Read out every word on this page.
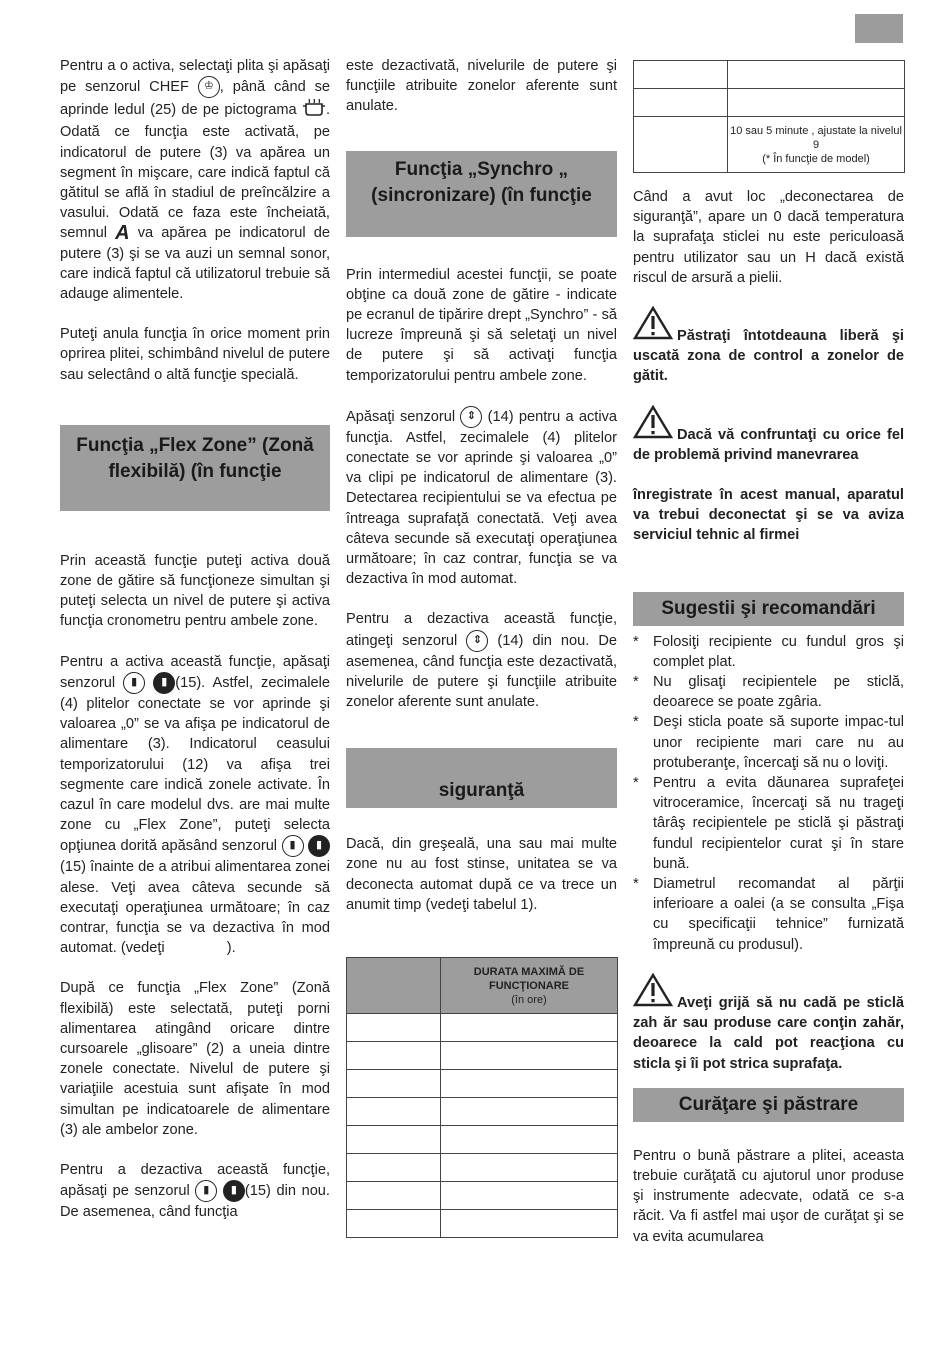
Pentru a o activa, selectaţi plita şi apăsaţi pe senzorul CHEF ♔ , până când se aprinde ledul (25) de pe pictograma . Odată ce funcţia este activată, pe indicatorul de putere (3) va apărea un segment în mişcare, care indică faptul că gătitul se află în stadiul de preîncălzire a vasului. Odată ce faza este încheiată, semnul A va apărea pe indicatorul de putere (3) şi se va auzi un semnal sonor, care indică faptul că utilizatorul trebuie să adauge alimentele.

Puteţi anula funcţia în orice moment prin oprirea plitei, schimbând nivelul de putere sau selectând o altă funcţie specială.

Funcţia „Flex Zone” (Zonă flexibilă) (în funcţie

Prin această funcţie puteţi activa două zone de gătire să funcţioneze simultan şi puteţi selecta un nivel de putere şi activa funcţia cronometru pentru ambele zone.

Pentru a activa această funcţie, apăsaţi senzorul ▮ ▮ (15). Astfel, zecimalele (4) plitelor conectate se vor aprinde şi valoarea „0” se va afişa pe indicatorul de alimentare (3). Indicatorul ceasului temporizatorului (12) va afişa trei segmente care indică zonele activate. În cazul în care modelul dvs. are mai multe zone cu „Flex Zone”, puteţi selecta opţiunea dorită apăsând senzorul ▮ ▮(15) înainte de a atribui alimentarea zonei alese. Veţi avea câteva secunde să executaţi operaţiunea următoare; în caz contrar, funcţia se va dezactiva în mod automat. (vedeţi	).

După ce funcţia „Flex Zone” (Zonă flexibilă) este selectată, puteţi porni alimentarea atingând oricare dintre cursoarele „glisoare” (2) a uneia dintre zonele conectate. Nivelul de putere şi variaţiile acestuia sunt afişate în mod simultan pe indicatoarele de alimentare (3) ale ambelor zone.

Pentru a dezactiva această funcţie, apăsaţi pe senzorul ▮ ▮ (15) din nou. De asemenea, când funcţia

este dezactivată, nivelurile de putere şi funcţiile atribuite zonelor aferente sunt anulate.

Funcţia „Synchro „ (sincronizare) (în funcţie

Prin intermediul acestei funcţii, se poate obţine ca două zone de gătire - indicate pe ecranul de tipărire drept „Synchro” - să lucreze împreună şi să seletaţi un nivel de putere şi să activaţi funcţia temporizatorului pentru ambele zone.

Apăsaţi senzorul ⇕ (14) pentru a activa funcţia. Astfel, zecimalele (4) plitelor conectate se vor aprinde şi valoarea „0” va clipi pe indicatorul de alimentare (3). Detectarea recipientului se va efectua pe întreaga suprafaţă conectată. Veţi avea câteva secunde să executaţi operaţiunea următoare; în caz contrar, funcţia se va dezactiva în mod automat.

Pentru a dezactiva această funcţie, atingeţi senzorul ⇕ (14) din nou. De asemenea, când funcţia este dezactivată, nivelurile de putere şi funcţiile atribuite zonelor aferente sunt anulate.

siguranţă

Dacă, din greşeală, una sau mai multe zone nu au fost stinse, unitatea se va deconecta automat după ce va trece un anumit timp (vedeţi tabelul 1).

	DURATA MAXIMĂ DE FUNCŢIONARE
(în ore)

	10 sau 5 minute , ajustate la nivelul 9
(* În funcţie de model)

Când a avut loc „deconectarea de siguranţă”, apare un 0 dacă temperatura la suprafaţa sticlei nu este periculoasă pentru utilizator sau un H dacă există riscul de arsură a pielii.

Păstraţi întotdeauna liberă şi uscată zona de control a zonelor de gătit.

Dacă vă confruntaţi cu orice fel de problemă privind manevrarea

înregistrate în acest manual, aparatul va trebui deconectat şi se va aviza serviciul tehnic al firmei

Sugestii şi recomandări
* Folosiţi recipiente cu fundul gros şi complet plat.
* Nu glisaţi recipientele pe sticlă, deoarece se poate zgâria.
* Deşi sticla poate să suporte impac-tul unor recipiente mari care nu au protuberanţe, încercaţi să nu o loviţi.
* Pentru a evita dăunarea suprafeţei vitroceramice, încercaţi să nu trageţi târâş recipientele pe sticlă şi păstraţi fundul recipientelor curat şi în stare bună.
* Diametrul recomandat al părţii inferioare a oalei (a se consulta „Fişa cu specificaţii tehnice” furnizată împreună cu produsul).

Aveţi grijă să nu cadă pe sticlă zah ăr sau produse care conţin zahăr, deoarece la cald pot reacţiona cu sticla şi îi pot strica suprafaţa.

Curăţare şi păstrare

Pentru o bună păstrare a plitei, aceasta trebuie curăţată cu ajutorul unor produse şi instrumente adecvate, odată ce s-a răcit. Va fi astfel mai uşor de curăţat şi se va evita acumularea
